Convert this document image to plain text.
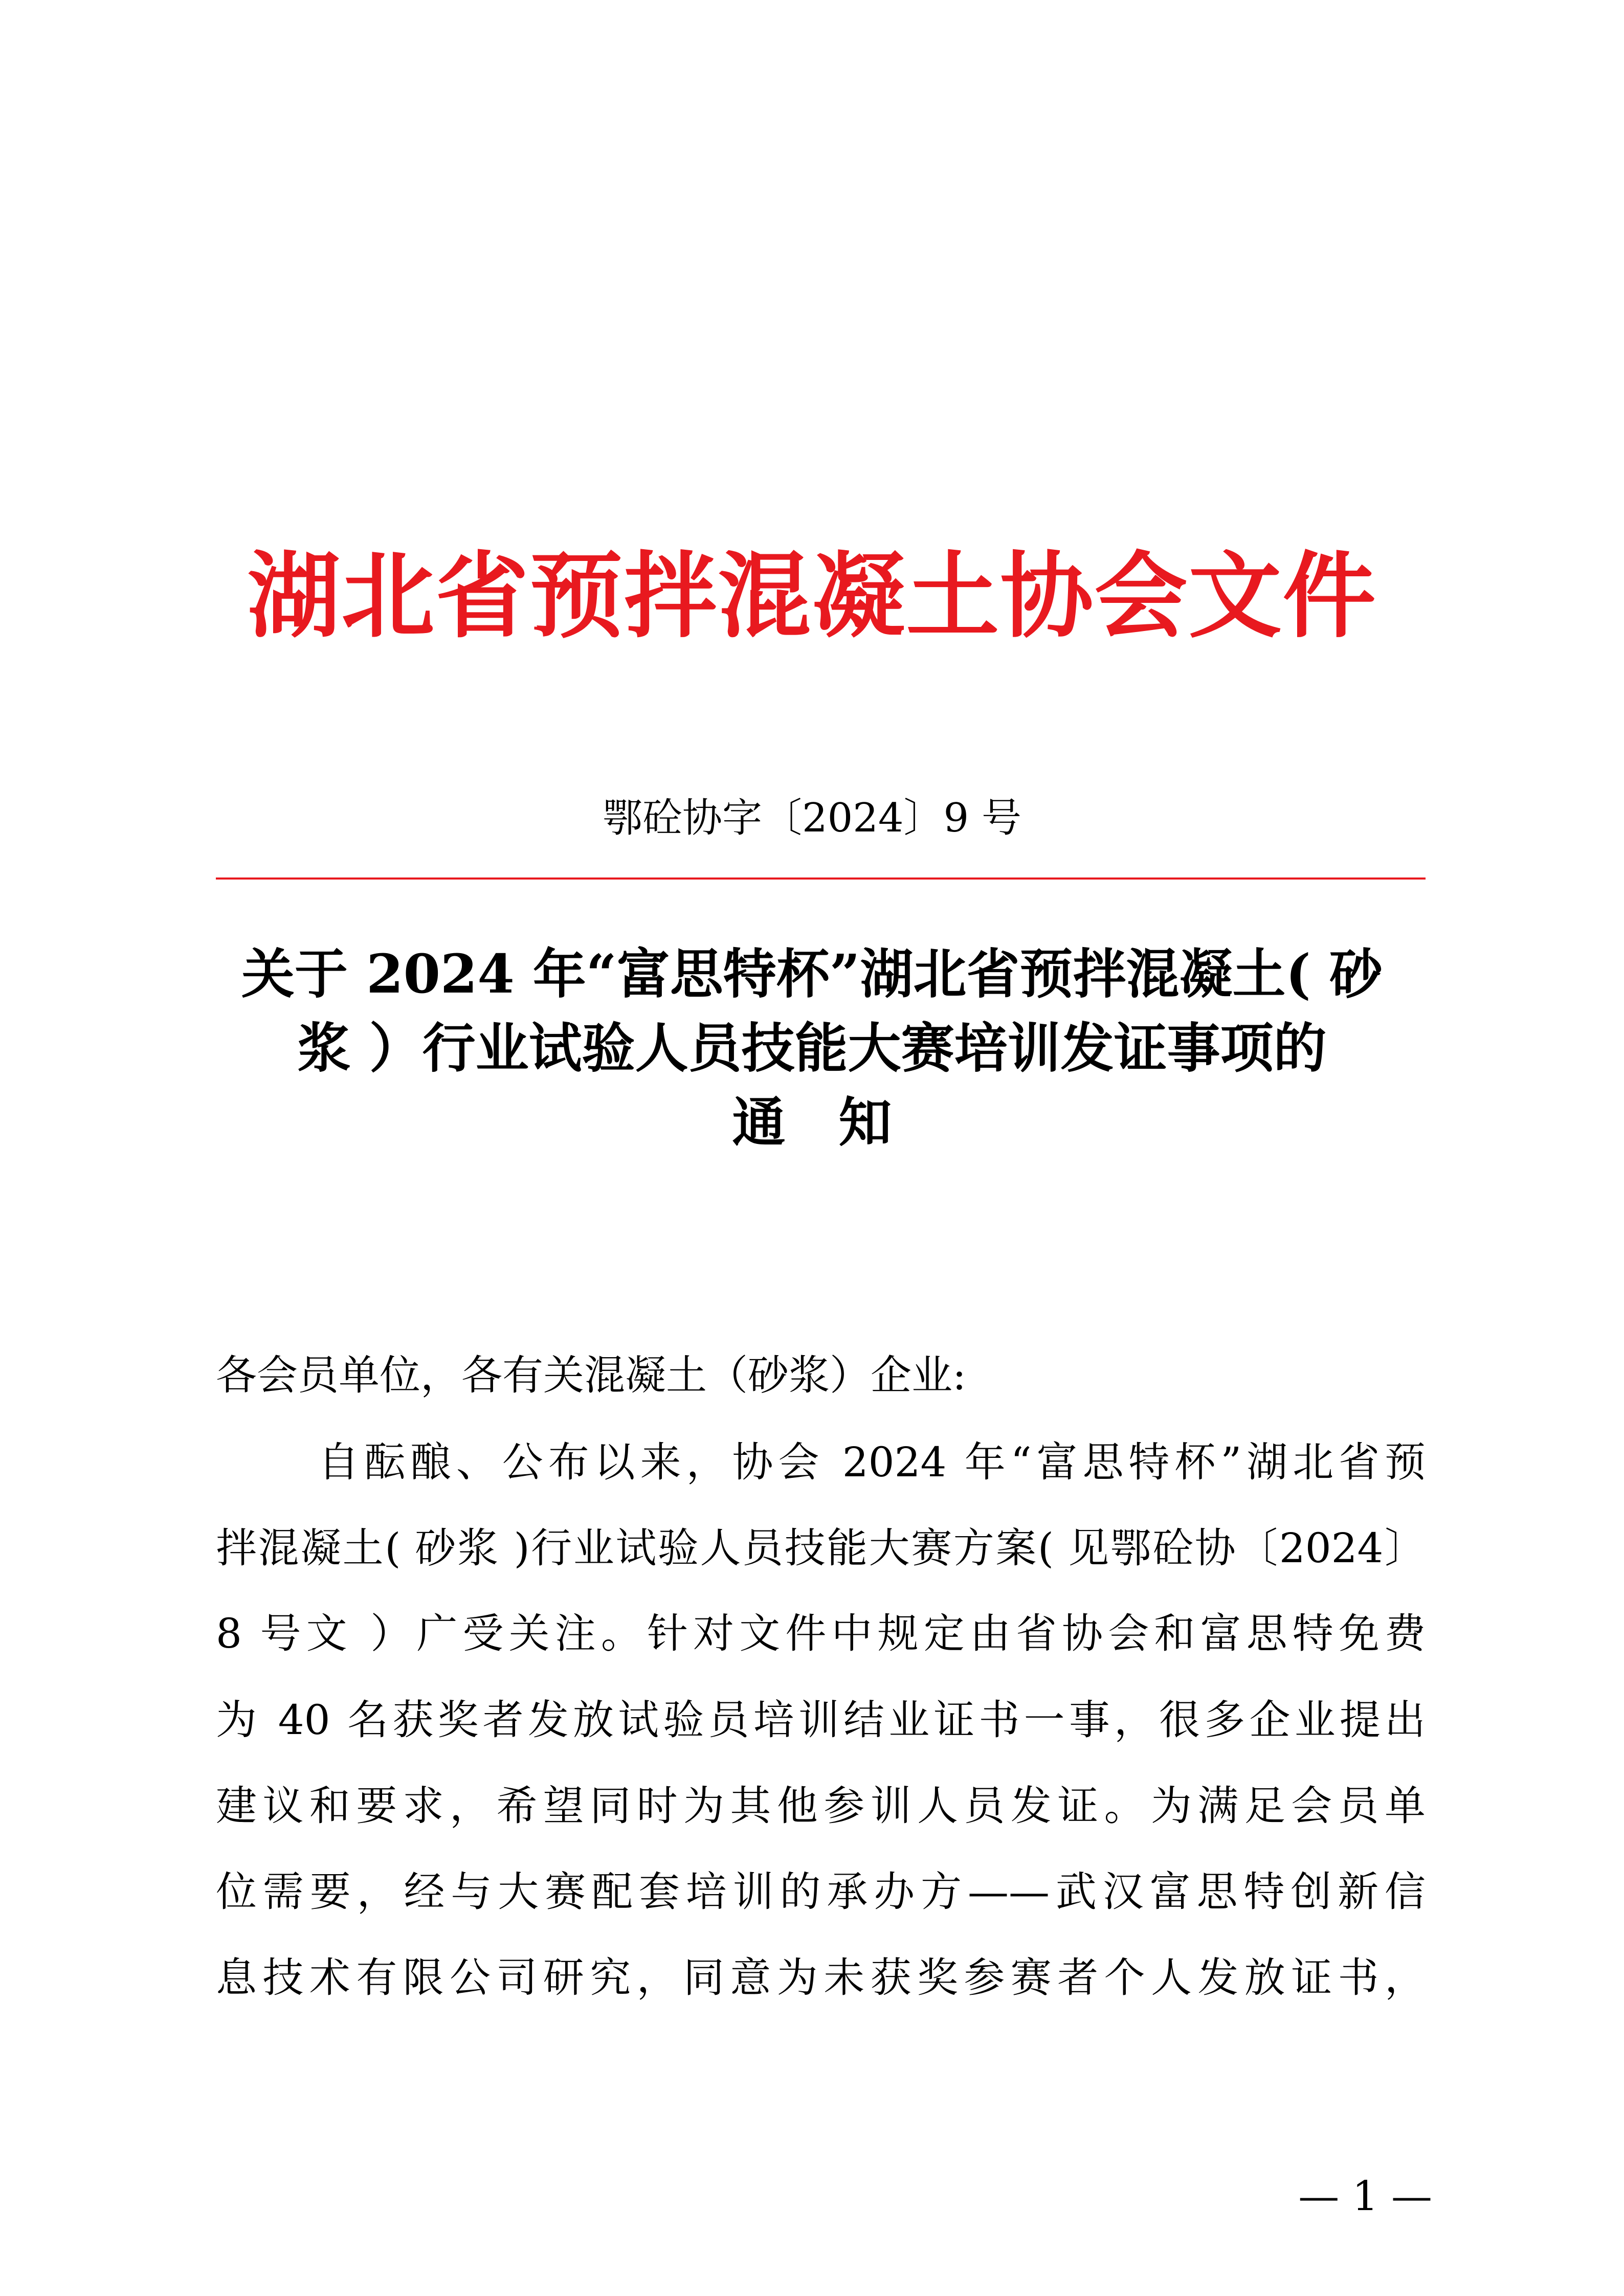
湖北省预拌混凝土协会文件
鄂砼协字〔2024〕9 号
关于 2024 年“富思特杯”湖北省预拌混凝土( 砂
浆 ）行业试验人员技能大赛培训发证事项的
通　知
各会员单位，各有关混凝土（砂浆）企业:
自酝酿、公布以来，协会 2024 年“富思特杯”湖北省预
拌混凝土( 砂浆 )行业试验人员技能大赛方案( 见鄂砼协〔2024〕
8 号文 ）广受关注。针对文件中规定由省协会和富思特免费
为 40 名获奖者发放试验员培训结业证书一事，很多企业提出
建议和要求，希望同时为其他参训人员发证。为满足会员单
位需要，经与大赛配套培训的承办方——武汉富思特创新信
息技术有限公司研究，同意为未获奖参赛者个人发放证书，
— 1 —
